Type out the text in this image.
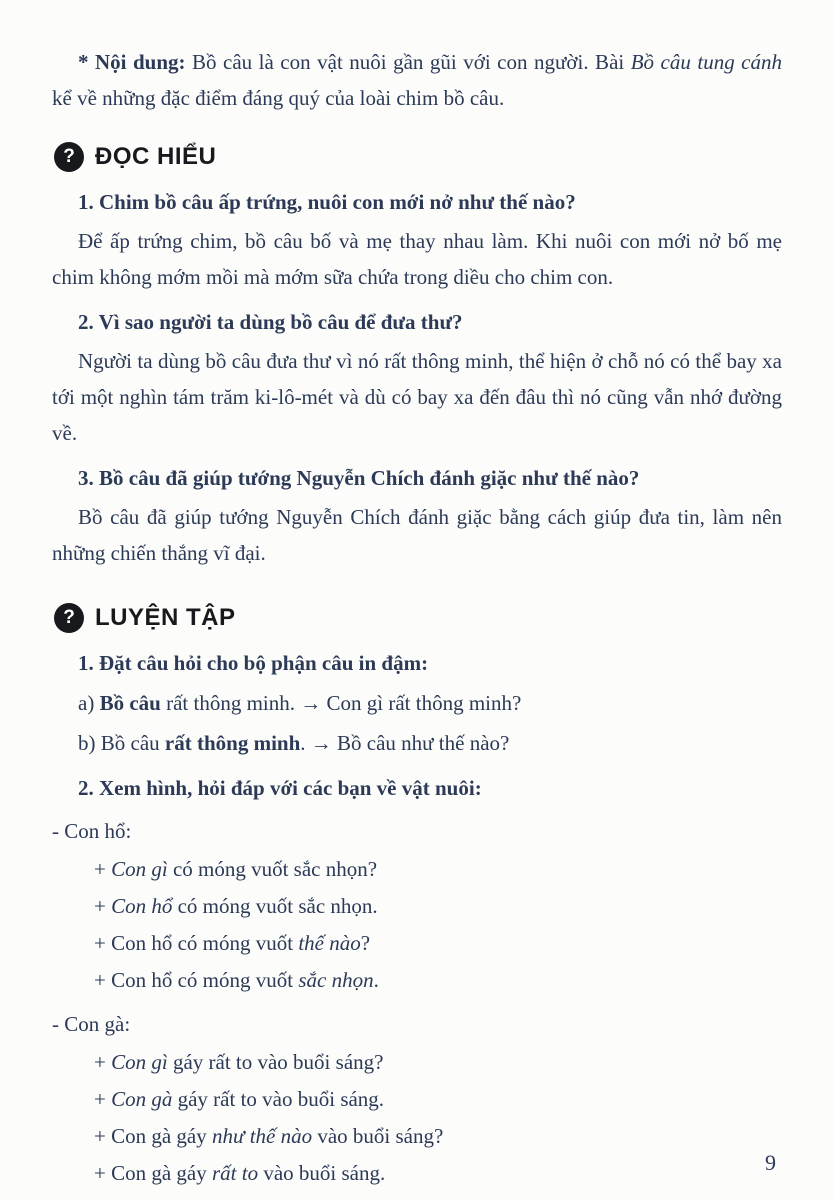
* Nội dung: Bồ câu là con vật nuôi gần gũi với con người. Bài Bồ câu tung cánh kể về những đặc điểm đáng quý của loài chim bồ câu.

? ĐỌC HIỂU

1. Chim bồ câu ấp trứng, nuôi con mới nở như thế nào?

Để ấp trứng chim, bồ câu bố và mẹ thay nhau làm. Khi nuôi con mới nở bố mẹ chim không mớm mồi mà mớm sữa chứa trong diều cho chim con.

2. Vì sao người ta dùng bồ câu để đưa thư?

Người ta dùng bồ câu đưa thư vì nó rất thông minh, thể hiện ở chỗ nó có thể bay xa tới một nghìn tám trăm ki-lô-mét và dù có bay xa đến đâu thì nó cũng vẫn nhớ đường về.

3. Bồ câu đã giúp tướng Nguyễn Chích đánh giặc như thế nào?

Bồ câu đã giúp tướng Nguyễn Chích đánh giặc bằng cách giúp đưa tin, làm nên những chiến thắng vĩ đại.

? LUYỆN TẬP

1. Đặt câu hỏi cho bộ phận câu in đậm:

a) Bồ câu rất thông minh. → Con gì rất thông minh?

b) Bồ câu rất thông minh. → Bồ câu như thế nào?

2. Xem hình, hỏi đáp với các bạn về vật nuôi:

- Con hổ:

+ Con gì có móng vuốt sắc nhọn?

+ Con hổ có móng vuốt sắc nhọn.

+ Con hổ có móng vuốt thế nào?

+ Con hổ có móng vuốt sắc nhọn.

- Con gà:

+ Con gì gáy rất to vào buổi sáng?

+ Con gà gáy rất to vào buổi sáng.

+ Con gà gáy như thế nào vào buổi sáng?

+ Con gà gáy rất to vào buổi sáng.	9
